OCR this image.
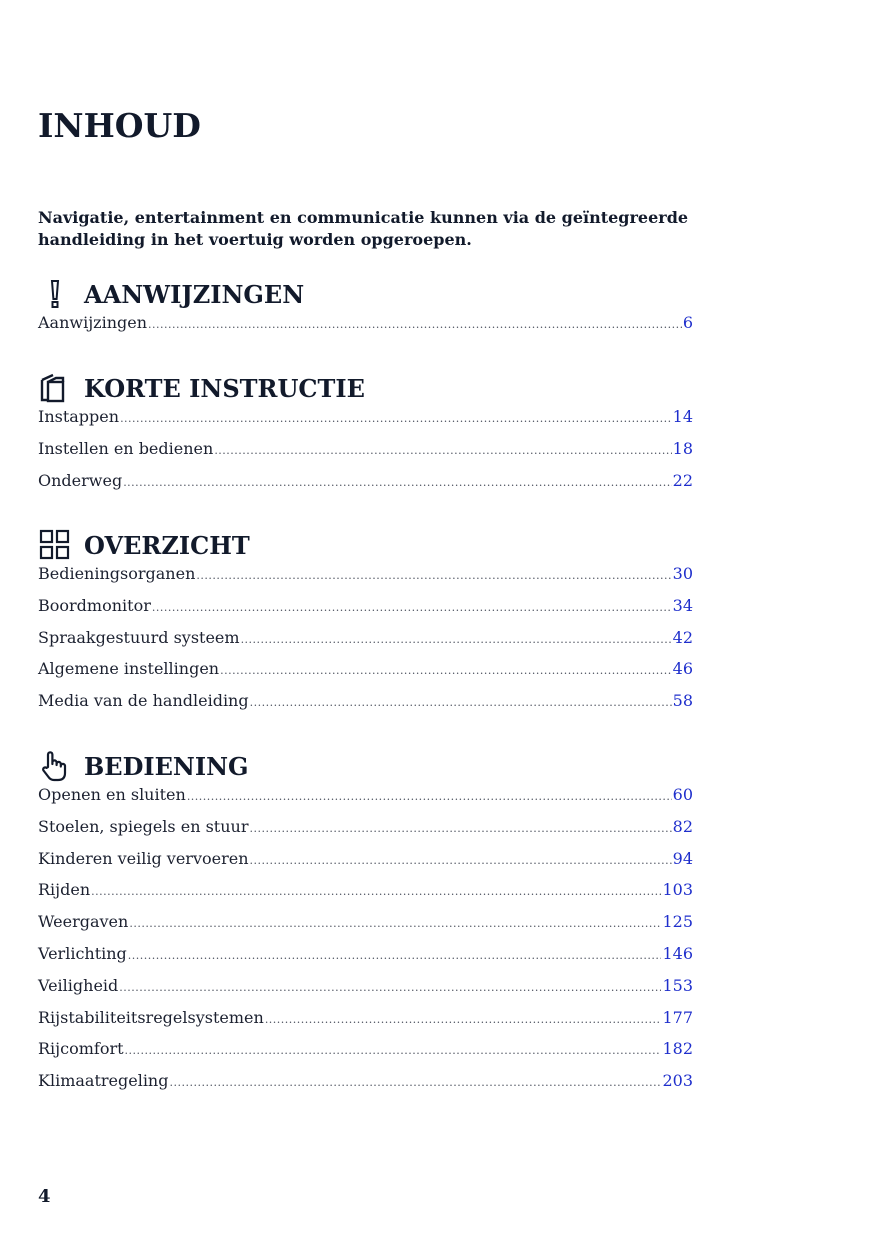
INHOUD

Navigatie, entertainment en communicatie kunnen via de geïntegreerde handleiding in het voertuig worden opgeroepen.

AANWIJZINGEN
Aanwijzingen .....	6
KORTE INSTRUCTIE
Instappen .....	14
Instellen en bedienen .....	18
Onderweg .....	22
OVERZICHT
Bedieningsorganen .....	30
Boordmonitor .....	34
Spraakgestuurd systeem .....	42
Algemene instellingen .....	46
Media van de handleiding .....	58
BEDIENING
Openen en sluiten .....	60
Stoelen, spiegels en stuur .....	82
Kinderen veilig vervoeren .....	94
Rijden .....	103
Weergaven .....	125
Verlichting .....	146
Veiligheid .....	153
Rijstabiliteitsregelsystemen .....	177
Rijcomfort .....	182
Klimaatregeling .....	203

4
